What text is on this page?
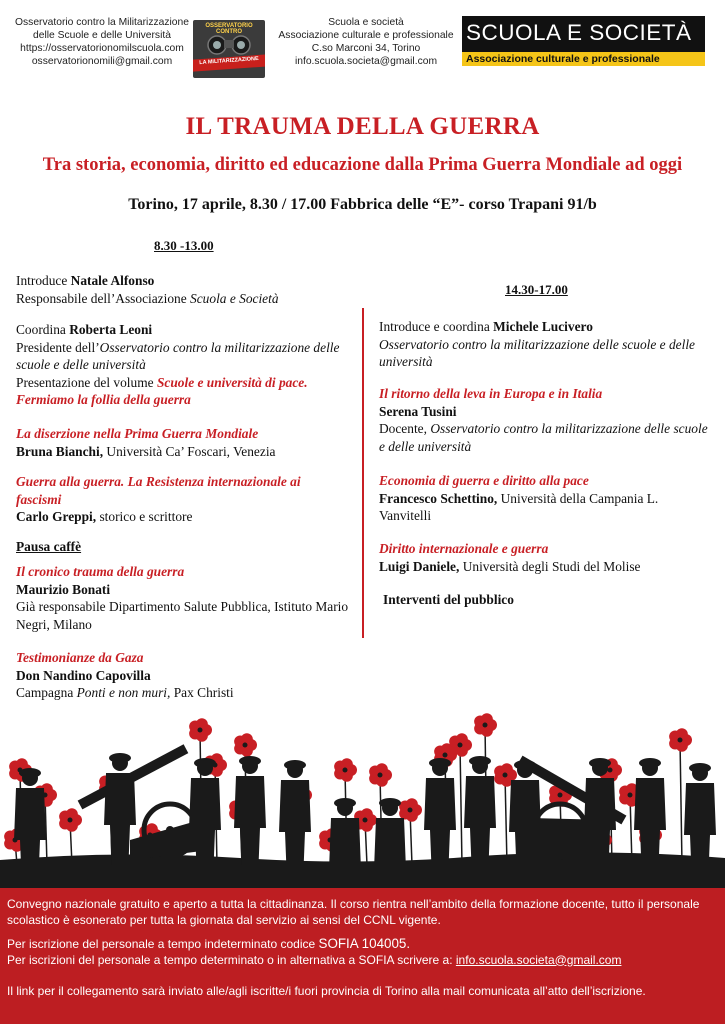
Osservatorio contro la Militarizzazione
delle Scuole e delle Università
https://osservatorionomilscuola.com
osservatorionomili@gmail.com
OSSERVATORIO CONTRO
LA MILITARIZZAZIONE
Scuola e società
Associazione culturale e professionale
C.so Marconi 34, Torino
info.scuola.societa@gmail.com
SCUOLA E SOCIETÀ
Associazione culturale e professionale
IL TRAUMA DELLA GUERRA
Tra storia, economia, diritto ed educazione dalla Prima Guerra Mondiale ad oggi
Torino, 17 aprile, 8.30 / 17.00 Fabbrica delle “E”- corso Trapani 91/b
8.30 -13.00

Introduce Natale Alfonso

Responsabile dell’Associazione Scuola e Società

Coordina Roberta Leoni

Presidente dell’Osservatorio contro la militarizzazione delle scuole e delle università

Presentazione del volume Scuole e università di pace. Fermiamo la follia della guerra

La diserzione nella Prima Guerra Mondiale

Bruna Bianchi, Università Ca’ Foscari, Venezia

Guerra alla guerra. La Resistenza internazionale ai fascismi

Carlo Greppi, storico e scrittore

Pausa caffè

Il cronico trauma della guerra

Maurizio Bonati

Già responsabile Dipartimento Salute Pubblica, Istituto Mario Negri, Milano

Testimonianze da Gaza

Don Nandino Capovilla

Campagna Ponti e non muri, Pax Christi

14.30-17.00

Introduce e coordina Michele Lucivero

Osservatorio contro la militarizzazione delle scuole e delle università

Il ritorno della leva in Europa e in Italia

Serena Tusini

Docente, Osservatorio contro la militarizzazione delle scuole e delle università

Economia di guerra e diritto alla pace

Francesco Schettino, Università della Campania L. Vanvitelli

Diritto internazionale e guerra

Luigi Daniele, Università degli Studi del Molise

Interventi del pubblico

Convegno nazionale gratuito e aperto a tutta la cittadinanza. Il corso rientra nell’ambito della formazione docente, tutto il personale scolastico è esonerato per tutta la giornata dal servizio ai sensi del CCNL vigente.

Per iscrizione del personale a tempo indeterminato codice SOFIA 104005.

Per iscrizioni del personale a tempo determinato o in alternativa a SOFIA scrivere a: info.scuola.societa@gmail.com

Il link per il collegamento sarà inviato alle/agli iscritte/i fuori provincia di Torino alla mail comunicata all’atto dell’iscrizione.
